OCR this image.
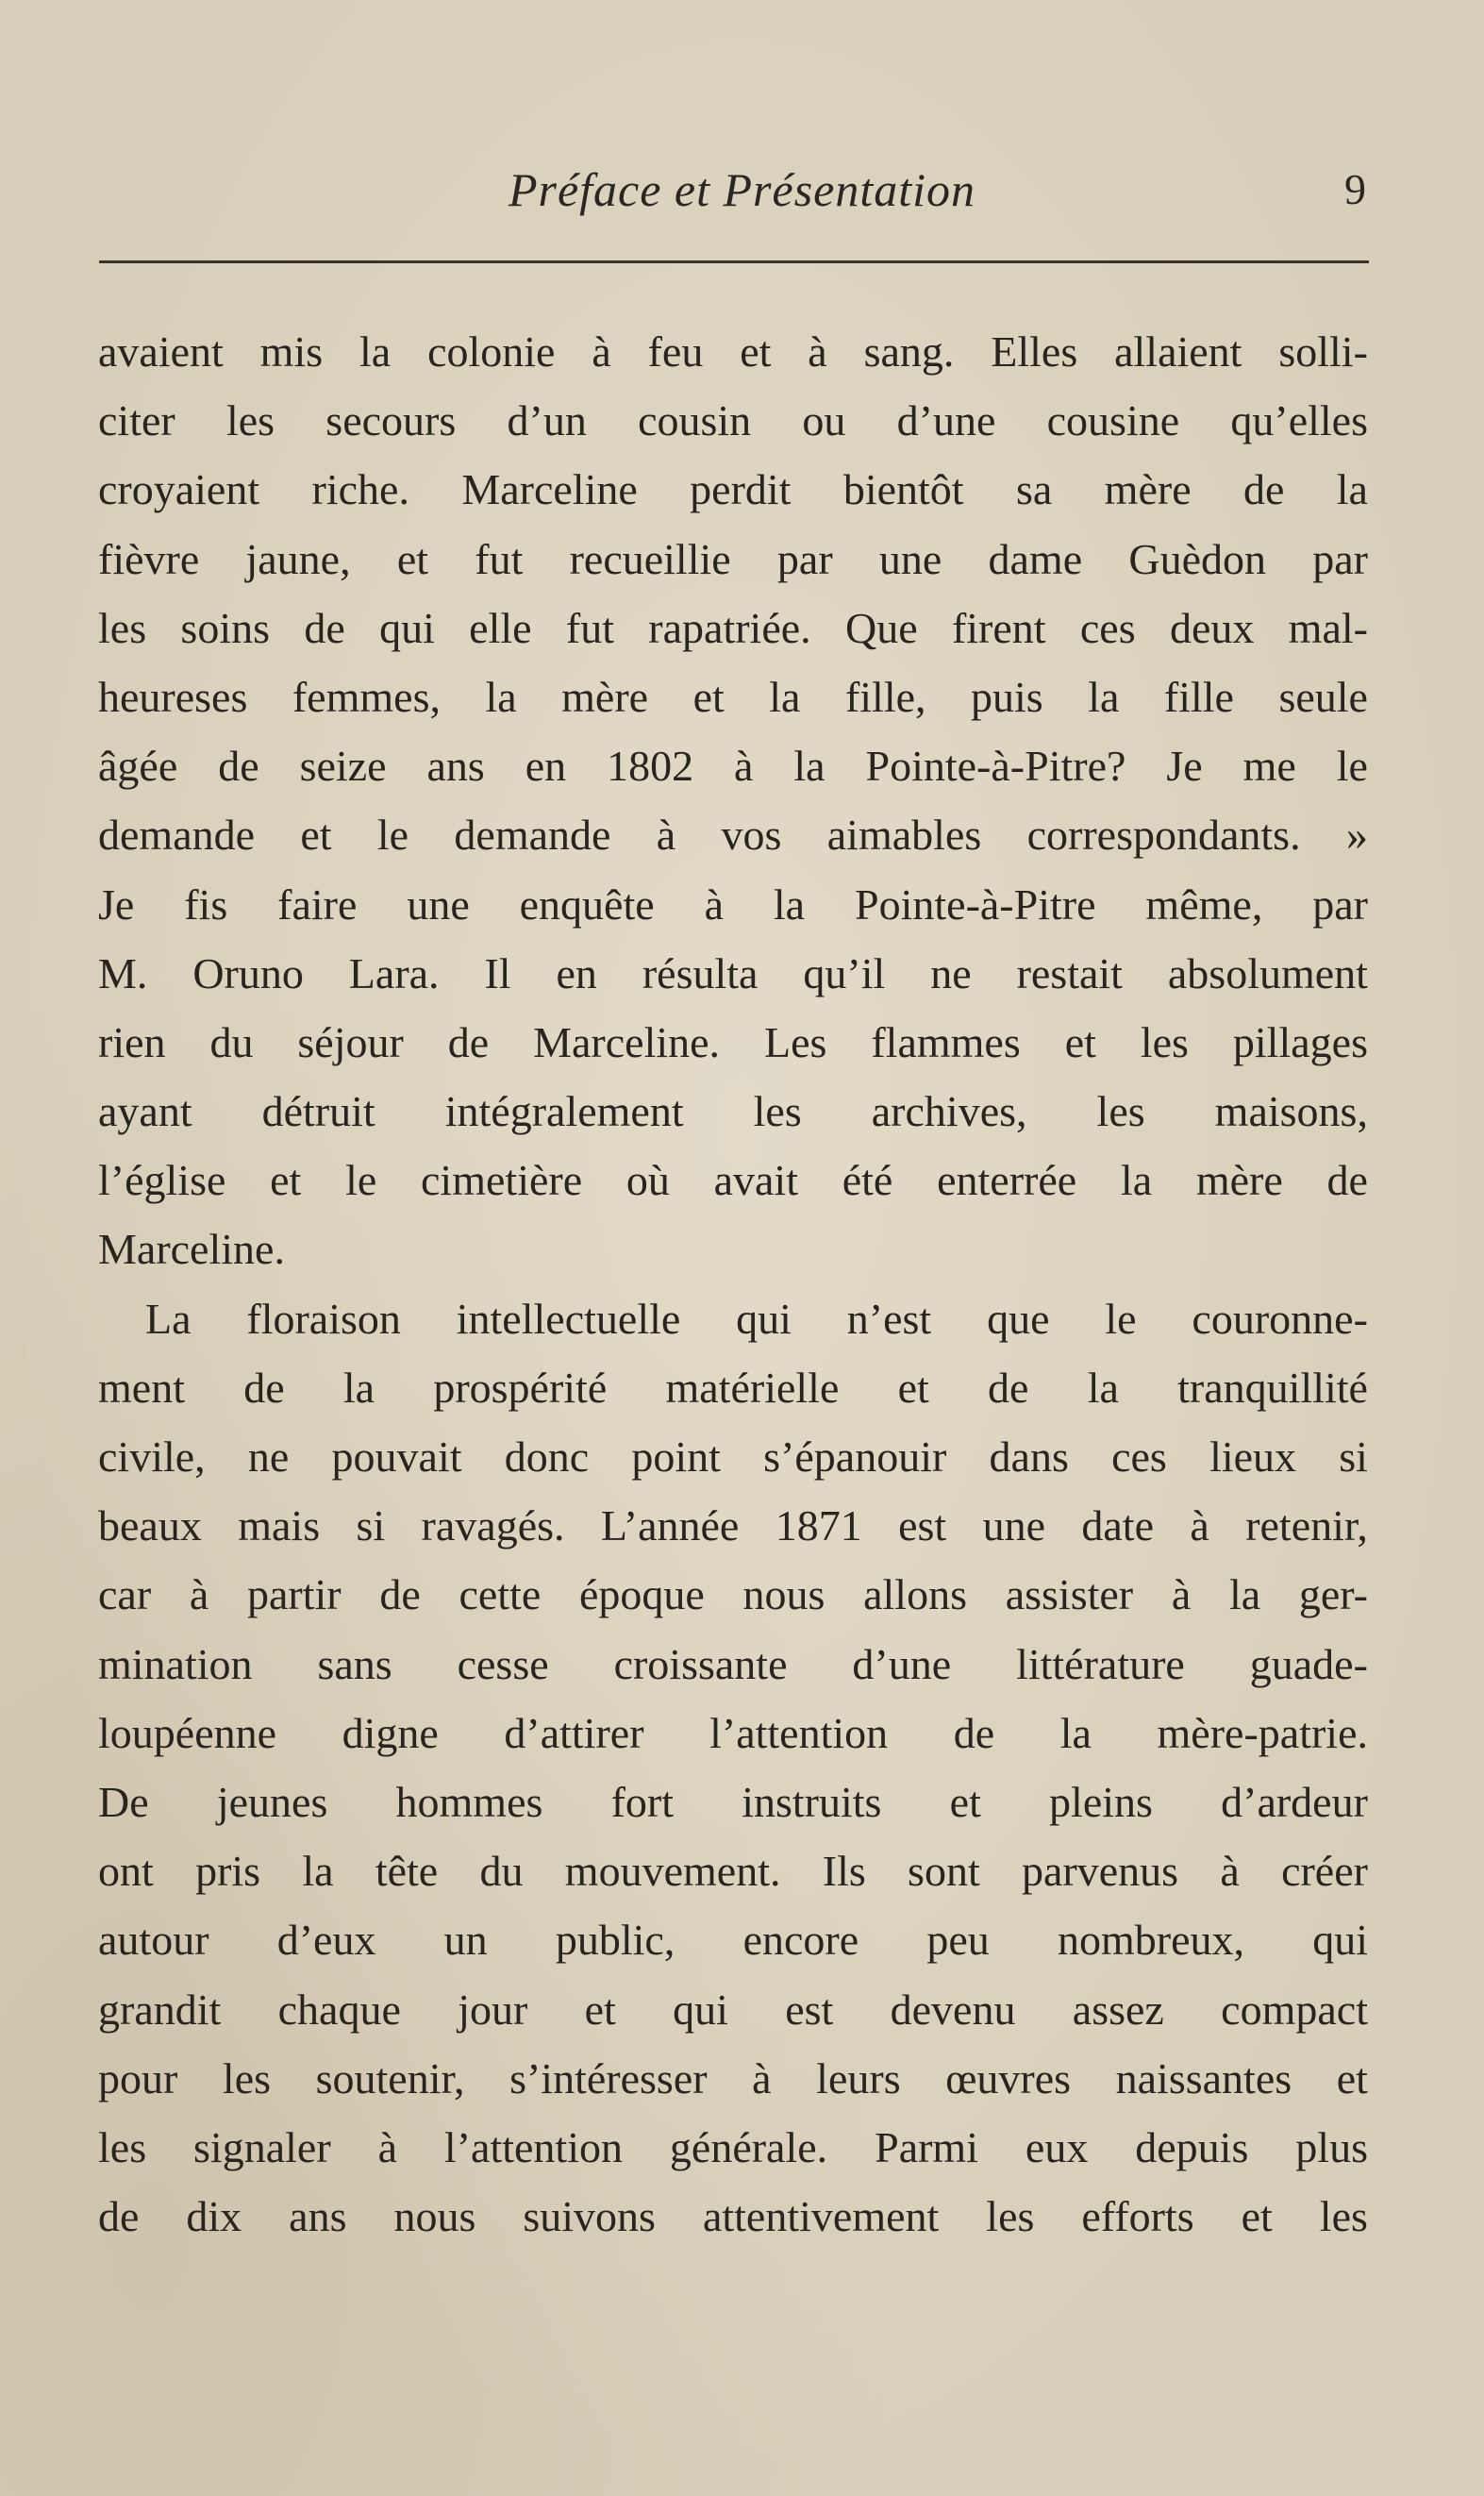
Préface et Présentation	9
avaient mis la colonie à feu et à sang. Elles allaient solli-
citer les secours d’un cousin ou d’une cousine qu’elles
croyaient riche. Marceline perdit bientôt sa mère de la
fièvre jaune, et fut recueillie par une dame Guèdon par
les soins de qui elle fut rapatriée. Que firent ces deux mal-
heureses femmes, la mère et la fille, puis la fille seule
âgée de seize ans en 1802 à la Pointe-à-Pitre? Je me le
demande et le demande à vos aimables correspondants. »
Je fis faire une enquête à la Pointe-à-Pitre même, par
M. Oruno Lara. Il en résulta qu’il ne restait absolument
rien du séjour de Marceline. Les flammes et les pillages
ayant détruit intégralement les archives, les maisons,
l’église et le cimetière où avait été enterrée la mère de
Marceline.
La floraison intellectuelle qui n’est que le couronne-
ment de la prospérité matérielle et de la tranquillité
civile, ne pouvait donc point s’épanouir dans ces lieux si
beaux mais si ravagés. L’année 1871 est une date à retenir,
car à partir de cette époque nous allons assister à la ger-
mination sans cesse croissante d’une littérature guade-
loupéenne digne d’attirer l’attention de la mère-patrie.
De jeunes hommes fort instruits et pleins d’ardeur
ont pris la tête du mouvement. Ils sont parvenus à créer
autour d’eux un public, encore peu nombreux, qui
grandit chaque jour et qui est devenu assez compact
pour les soutenir, s’intéresser à leurs œuvres naissantes et
les signaler à l’attention générale. Parmi eux depuis plus
de dix ans nous suivons attentivement les efforts et les
